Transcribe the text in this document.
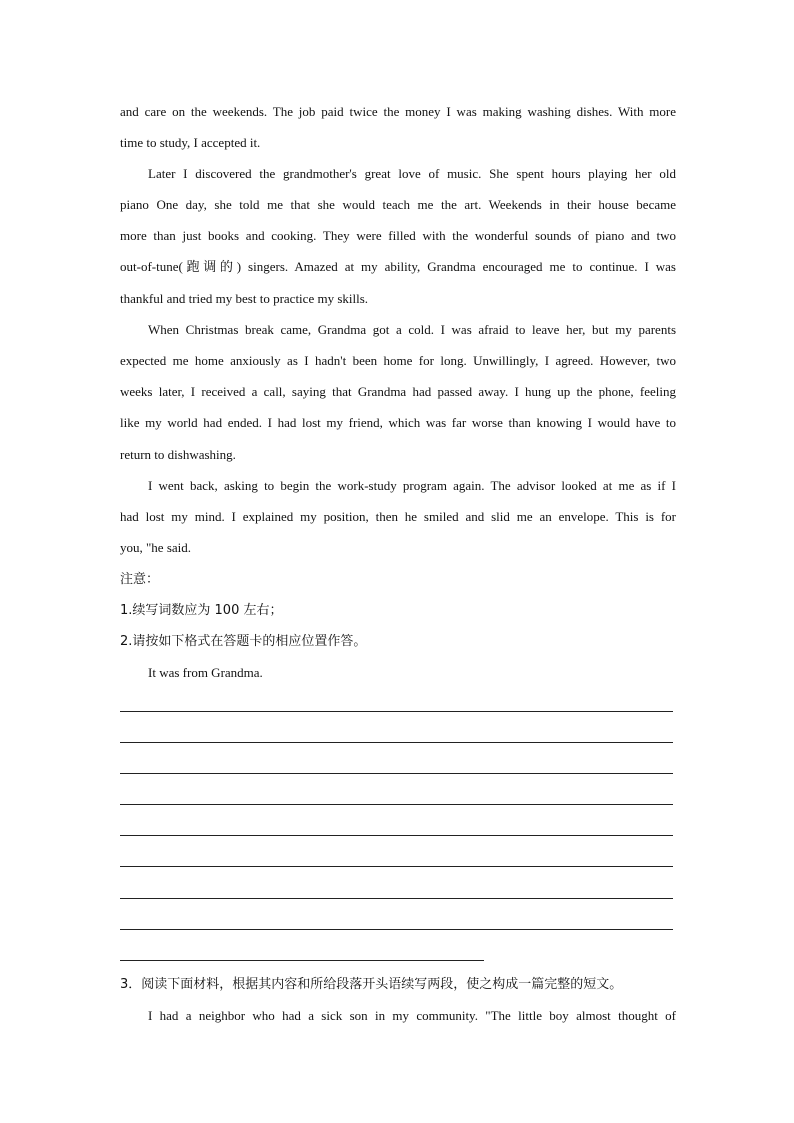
and care on the weekends. The job paid twice the money I was making washing dishes. With more
time to study, I accepted it.
Later I discovered the grandmother's great love of music. She spent hours playing her old
piano One day, she told me that she would teach me the art. Weekends in their house became
more than just books and cooking. They were filled with the wonderful sounds of piano and two
out-of-tune(跑调的) singers. Amazed at my ability, Grandma encouraged me to continue. I was
thankful and tried my best to practice my skills.
When Christmas break came, Grandma got a cold. I was afraid to leave her, but my parents
expected me home anxiously as I hadn't been home for long. Unwillingly, I agreed. However, two
weeks later, I received a call, saying that Grandma had passed away. I hung up the phone, feeling
like my world had ended. I had lost my friend, which was far worse than knowing I would have to
return to dishwashing.
I went back, asking to begin the work-study program again. The advisor looked at me as if I
had lost my mind. I explained my position, then he smiled and slid me an envelope. This is for
you, "he said.
注意：
1.续写词数应为 100 左右；
2.请按如下格式在答题卡的相应位置作答。
It was from Grandma.
3．阅读下面材料，根据其内容和所给段落开头语续写两段，使之构成一篇完整的短文。
I had a neighbor who had a sick son in my community. "The little boy almost thought of
